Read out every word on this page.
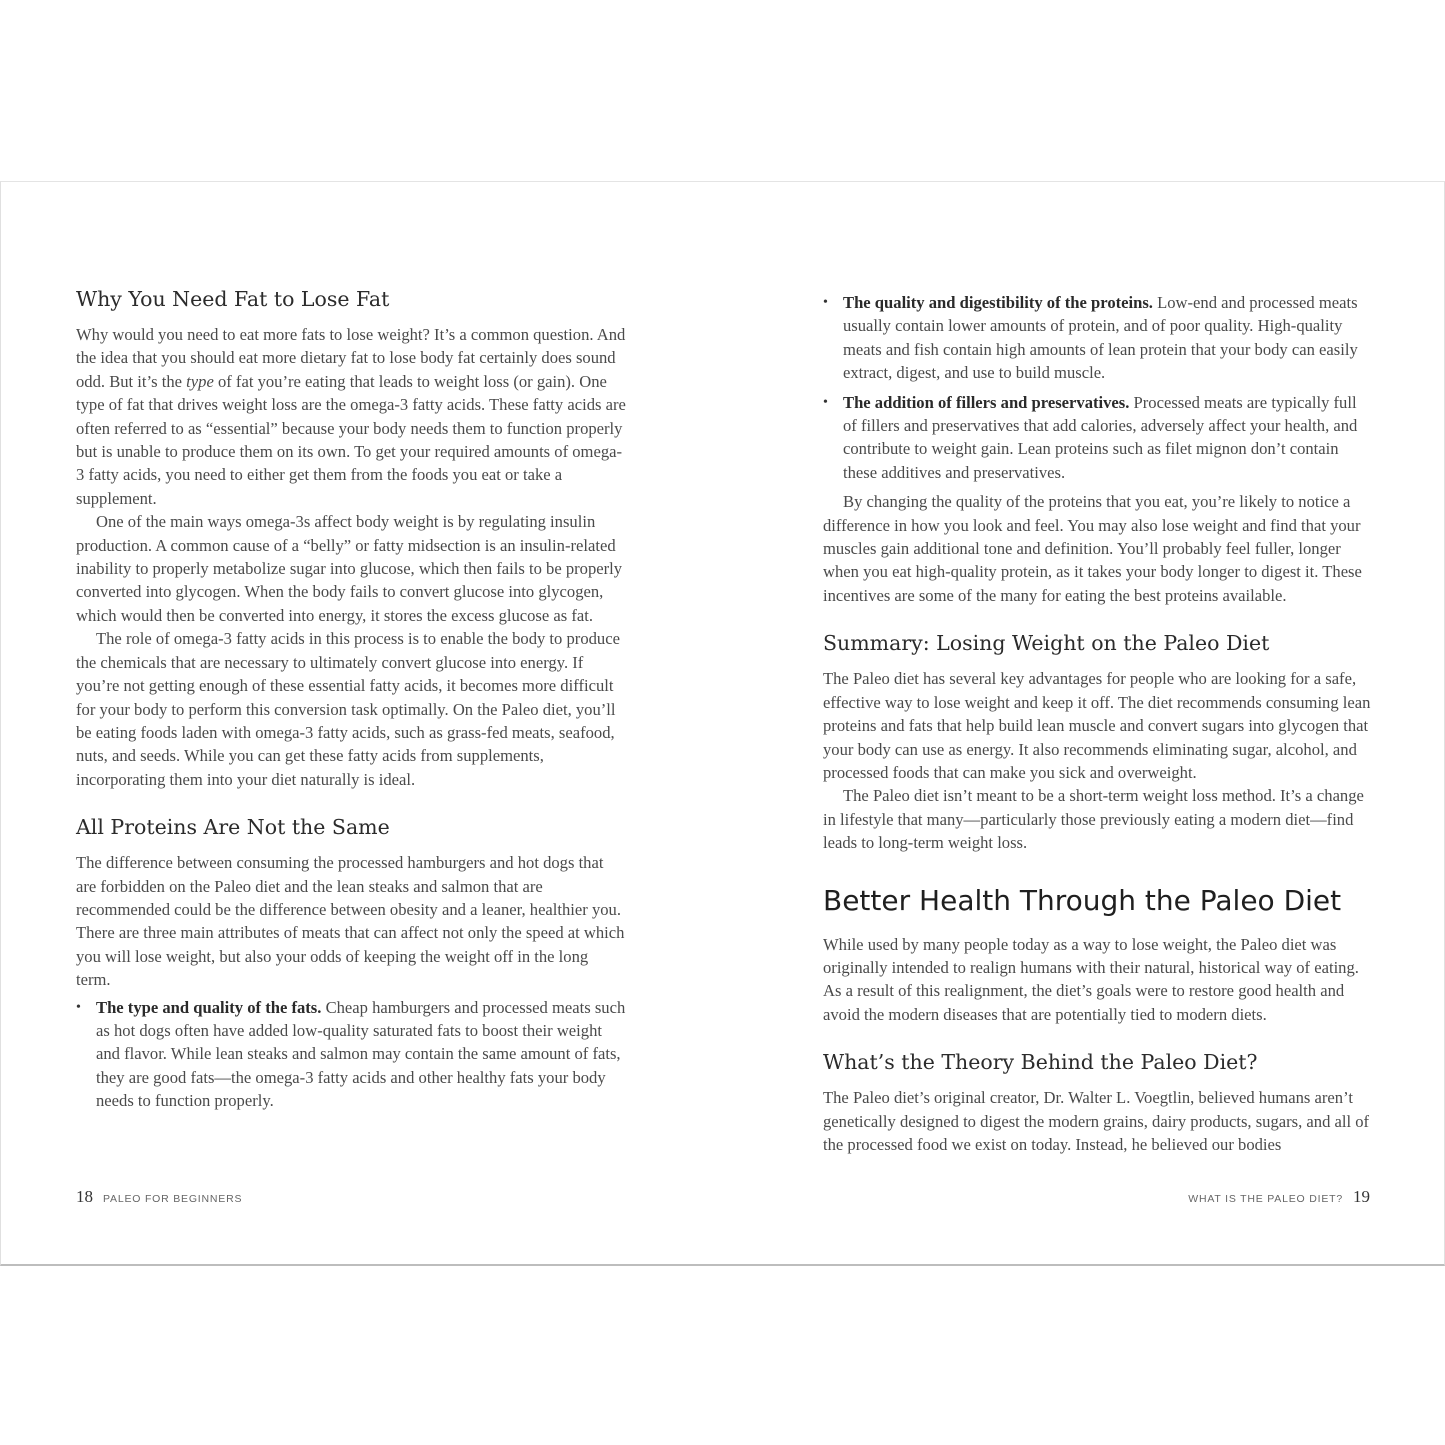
Why You Need Fat to Lose Fat

Why would you need to eat more fats to lose weight? It’s a common question. And the idea that you should eat more dietary fat to lose body fat certainly does sound odd. But it’s the type of fat you’re eating that leads to weight loss (or gain). One type of fat that drives weight loss are the omega-3 fatty acids. These fatty acids are often referred to as “essential” because your body needs them to function properly but is unable to produce them on its own. To get your required amounts of omega-3 fatty acids, you need to either get them from the foods you eat or take a supplement.

One of the main ways omega-3s affect body weight is by regulating insulin production. A common cause of a “belly” or fatty midsection is an insulin-related inability to properly metabolize sugar into glucose, which then fails to be properly converted into glycogen. When the body fails to convert glucose into glycogen, which would then be converted into energy, it stores the excess glucose as fat.

The role of omega-3 fatty acids in this process is to enable the body to produce the chemicals that are necessary to ultimately convert glucose into energy. If you’re not getting enough of these essential fatty acids, it becomes more difficult for your body to perform this conversion task optimally. On the Paleo diet, you’ll be eating foods laden with omega-3 fatty acids, such as grass-fed meats, seafood, nuts, and seeds. While you can get these fatty acids from supplements, incorporating them into your diet naturally is ideal.

All Proteins Are Not the Same

The difference between consuming the processed hamburgers and hot dogs that are forbidden on the Paleo diet and the lean steaks and salmon that are recommended could be the difference between obesity and a leaner, healthier you. There are three main attributes of meats that can affect not only the speed at which you will lose weight, but also your odds of keeping the weight off in the long term.

• The type and quality of the fats. Cheap hamburgers and processed meats such as hot dogs often have added low-quality saturated fats to boost their weight and flavor. While lean steaks and salmon may contain the same amount of fats, they are good fats—the omega-3 fatty acids and other healthy fats your body needs to function properly.
• The quality and digestibility of the proteins. Low-end and processed meats usually contain lower amounts of protein, and of poor quality. High-quality meats and fish contain high amounts of lean protein that your body can easily extract, digest, and use to build muscle.
• The addition of fillers and preservatives. Processed meats are typically full of fillers and preservatives that add calories, adversely affect your health, and contribute to weight gain. Lean proteins such as filet mignon don’t contain these additives and preservatives.

By changing the quality of the proteins that you eat, you’re likely to notice a difference in how you look and feel. You may also lose weight and find that your muscles gain additional tone and definition. You’ll probably feel fuller, longer when you eat high-quality protein, as it takes your body longer to digest it. These incentives are some of the many for eating the best proteins available.

Summary: Losing Weight on the Paleo Diet

The Paleo diet has several key advantages for people who are looking for a safe, effective way to lose weight and keep it off. The diet recommends consuming lean proteins and fats that help build lean muscle and convert sugars into glycogen that your body can use as energy. It also recommends eliminating sugar, alcohol, and processed foods that can make you sick and overweight.

The Paleo diet isn’t meant to be a short-term weight loss method. It’s a change in lifestyle that many—particularly those previously eating a modern diet—find leads to long-term weight loss.

Better Health Through the Paleo Diet

While used by many people today as a way to lose weight, the Paleo diet was originally intended to realign humans with their natural, historical way of eating. As a result of this realignment, the diet’s goals were to restore good health and avoid the modern diseases that are potentially tied to modern diets.

What’s the Theory Behind the Paleo Diet?

The Paleo diet’s original creator, Dr. Walter L. Voegtlin, believed humans aren’t genetically designed to digest the modern grains, dairy products, sugars, and all of the processed food we exist on today. Instead, he believed our bodies

18 PALEO FOR BEGINNERS	WHAT IS THE PALEO DIET? 19
